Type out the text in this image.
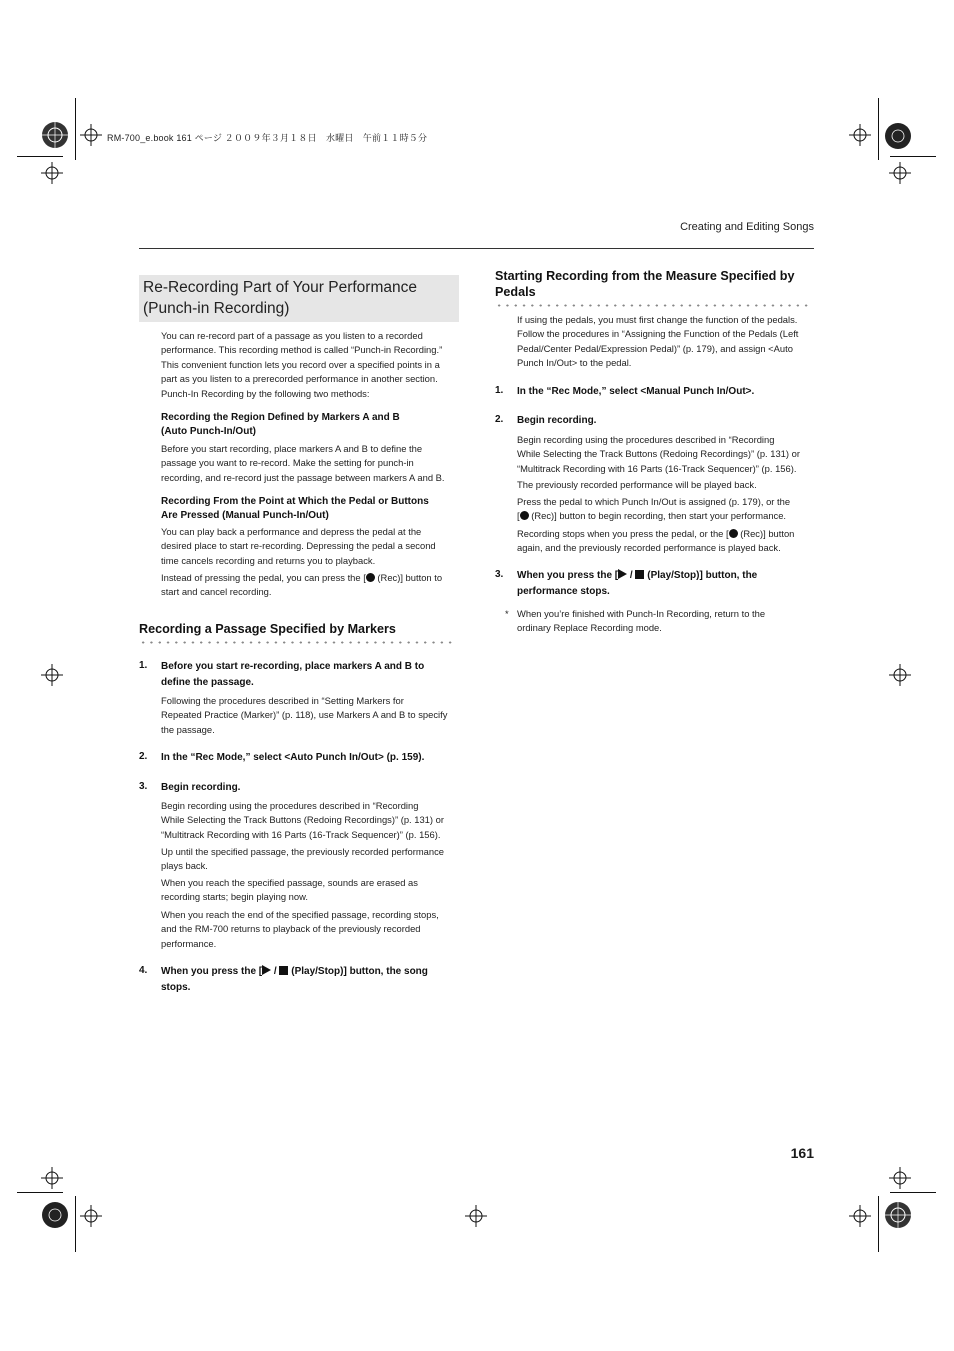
RM-700_e.book 161 ページ ２００９年３月１８日　水曜日　午前１１時５分
Creating and Editing Songs
Re-Recording Part of Your Performance
(Punch-in Recording)
You can re-record part of a passage as you listen to a recorded
performance. This recording method is called “Punch-in Recording.”
This convenient function lets you record over a specified points in a
part as you listen to a prerecorded performance in another section.
Punch-In Recording by the following two methods:
Recording the Region Defined by Markers A and B
(Auto Punch-In/Out)
Before you start recording, place markers A and B to define the
passage you want to re-record. Make the setting for punch-in
recording, and re-record just the passage between markers A and B.
Recording From the Point at Which the Pedal or Buttons
Are Pressed (Manual Punch-In/Out)
You can play back a performance and depress the pedal at the
desired place to start re-recording. Depressing the pedal a second
time cancels recording and returns you to playback.
Instead of pressing the pedal, you can press the [ (Rec)] button to
start and cancel recording.
Recording a Passage Specified by Markers
1. Before you start re-recording, place markers A and B to
define the passage.
Following the procedures described in “Setting Markers for
Repeated Practice (Marker)” (p. 118), use Markers A and B to specify
the passage.
2. In the “Rec Mode,” select <Auto Punch In/Out> (p. 159).
3. Begin recording.
Begin recording using the procedures described in “Recording
While Selecting the Track Buttons (Redoing Recordings)” (p. 131) or
“Multitrack Recording with 16 Parts (16-Track Sequencer)” (p. 156).
Up until the specified passage, the previously recorded performance
plays back.
When you reach the specified passage, sounds are erased as
recording starts; begin playing now.
When you reach the end of the specified passage, recording stops,
and the RM-700 returns to playback of the previously recorded
performance.
4. When you press the [ /  (Play/Stop)] button, the song
stops.
Starting Recording from the Measure Specified by
Pedals
If using the pedals, you must first change the function of the pedals.
Follow the procedures in “Assigning the Function of the Pedals (Left
Pedal/Center Pedal/Expression Pedal)” (p. 179), and assign <Auto
Punch In/Out> to the pedal.
1. In the “Rec Mode,” select <Manual Punch In/Out>.
2. Begin recording.
Begin recording using the procedures described in “Recording
While Selecting the Track Buttons (Redoing Recordings)” (p. 131) or
“Multitrack Recording with 16 Parts (16-Track Sequencer)” (p. 156).
The previously recorded performance will be played back.
Press the pedal to which Punch In/Out is assigned (p. 179), or the
[ (Rec)] button to begin recording, then start your performance.
Recording stops when you press the pedal, or the [ (Rec)] button
again, and the previously recorded performance is played back.
3. When you press the [ /  (Play/Stop)] button, the
performance stops.
* When you’re finished with Punch-In Recording, return to the
ordinary Replace Recording mode.
161
